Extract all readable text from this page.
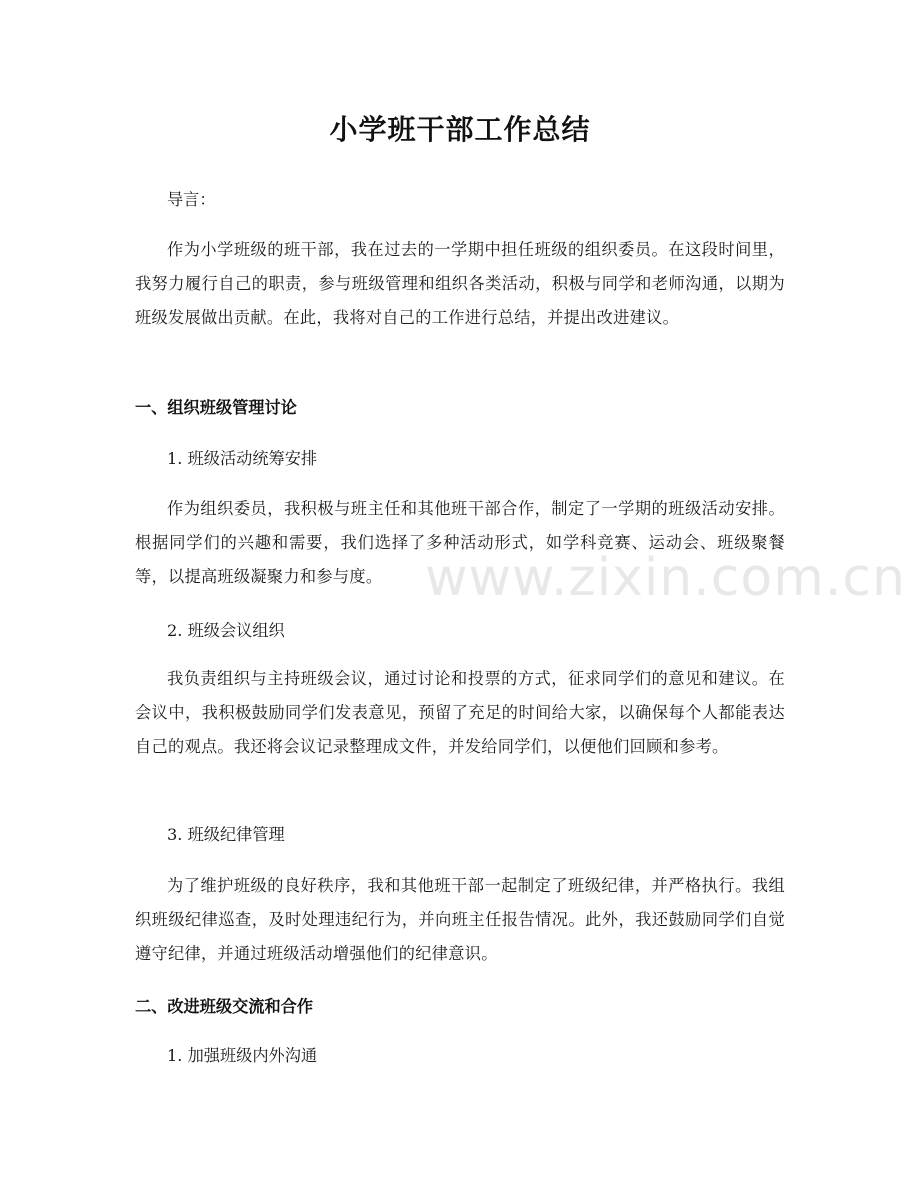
www.zixin.com.cn
小学班干部工作总结

导言：

作为小学班级的班干部，我在过去的一学期中担任班级的组织委员。在这段时间里，我努力履行自己的职责，参与班级管理和组织各类活动，积极与同学和老师沟通，以期为班级发展做出贡献。在此，我将对自己的工作进行总结，并提出改进建议。

一、组织班级管理讨论

1. 班级活动统筹安排

作为组织委员，我积极与班主任和其他班干部合作，制定了一学期的班级活动安排。根据同学们的兴趣和需要，我们选择了多种活动形式，如学科竞赛、运动会、班级聚餐等，以提高班级凝聚力和参与度。

2. 班级会议组织

我负责组织与主持班级会议，通过讨论和投票的方式，征求同学们的意见和建议。在会议中，我积极鼓励同学们发表意见，预留了充足的时间给大家，以确保每个人都能表达自己的观点。我还将会议记录整理成文件，并发给同学们，以便他们回顾和参考。

3. 班级纪律管理

为了维护班级的良好秩序，我和其他班干部一起制定了班级纪律，并严格执行。我组织班级纪律巡查，及时处理违纪行为，并向班主任报告情况。此外，我还鼓励同学们自觉遵守纪律，并通过班级活动增强他们的纪律意识。

二、改进班级交流和合作

1. 加强班级内外沟通
